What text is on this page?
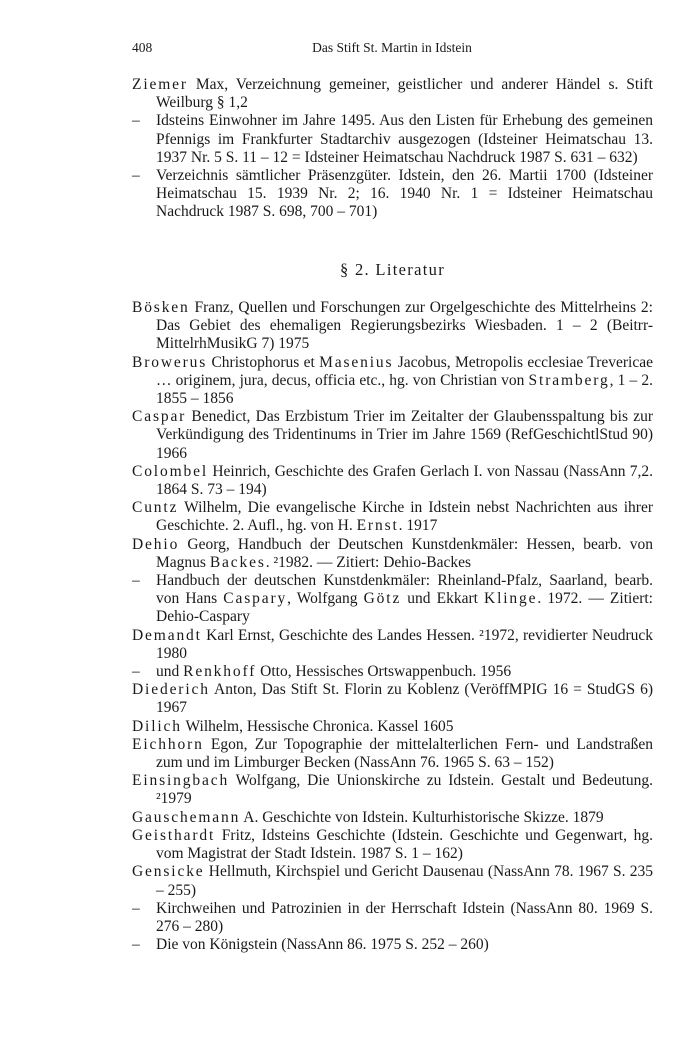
408	Das Stift St. Martin in Idstein

Ziemer Max, Verzeichnung gemeiner, geistlicher und anderer Händel s. Stift Weilburg § 1,2

–	Idsteins Einwohner im Jahre 1495. Aus den Listen für Erhebung des gemeinen Pfennigs im Frankfurter Stadtarchiv ausgezogen (Idsteiner Heimatschau 13. 1937 Nr. 5 S. 11 – 12 = Idsteiner Heimatschau Nachdruck 1987 S. 631 – 632)

–	Verzeichnis sämtlicher Präsenzgüter. Idstein, den 26. Martii 1700 (Idsteiner Heimatschau 15. 1939 Nr. 2; 16. 1940 Nr. 1 = Idsteiner Heimatschau Nachdruck 1987 S. 698, 700 – 701)

§ 2. Literatur

Bösken Franz, Quellen und Forschungen zur Orgelgeschichte des Mittelrheins 2: Das Gebiet des ehemaligen Regierungsbezirks Wiesbaden. 1 – 2 (Beitrr-MittelrhMusikG 7) 1975

Browerus Christophorus et Masenius Jacobus, Metropolis ecclesiae Trevericae … originem, jura, decus, officia etc., hg. von Christian von Stramberg, 1 – 2. 1855 – 1856

Caspar Benedict, Das Erzbistum Trier im Zeitalter der Glaubensspaltung bis zur Verkündigung des Tridentinums in Trier im Jahre 1569 (RefGeschichtlStud 90) 1966

Colombel Heinrich, Geschichte des Grafen Gerlach I. von Nassau (NassAnn 7,2. 1864 S. 73 – 194)

Cuntz Wilhelm, Die evangelische Kirche in Idstein nebst Nachrichten aus ihrer Geschichte. 2. Aufl., hg. von H. Ernst. 1917

Dehio Georg, Handbuch der Deutschen Kunstdenkmäler: Hessen, bearb. von Magnus Backes. ²1982. — Zitiert: Dehio-Backes

–	Handbuch der deutschen Kunstdenkmäler: Rheinland-Pfalz, Saarland, bearb. von Hans Caspary, Wolfgang Götz und Ekkart Klinge. 1972. — Zitiert: Dehio-Caspary

Demandt Karl Ernst, Geschichte des Landes Hessen. ²1972, revidierter Neudruck 1980

–	und Renkhoff Otto, Hessisches Ortswappenbuch. 1956

Diederich Anton, Das Stift St. Florin zu Koblenz (VeröffMPIG 16 = StudGS 6) 1967

Dilich Wilhelm, Hessische Chronica. Kassel 1605

Eichhorn Egon, Zur Topographie der mittelalterlichen Fern- und Landstraßen zum und im Limburger Becken (NassAnn 76. 1965 S. 63 – 152)

Einsingbach Wolfgang, Die Unionskirche zu Idstein. Gestalt und Bedeutung. ²1979

Gauschemann A. Geschichte von Idstein. Kulturhistorische Skizze. 1879

Geisthardt Fritz, Idsteins Geschichte (Idstein. Geschichte und Gegenwart, hg. vom Magistrat der Stadt Idstein. 1987 S. 1 – 162)

Gensicke Hellmuth, Kirchspiel und Gericht Dausenau (NassAnn 78. 1967 S. 235 – 255)

–	Kirchweihen und Patrozinien in der Herrschaft Idstein (NassAnn 80. 1969 S. 276 – 280)

–	Die von Königstein (NassAnn 86. 1975 S. 252 – 260)
